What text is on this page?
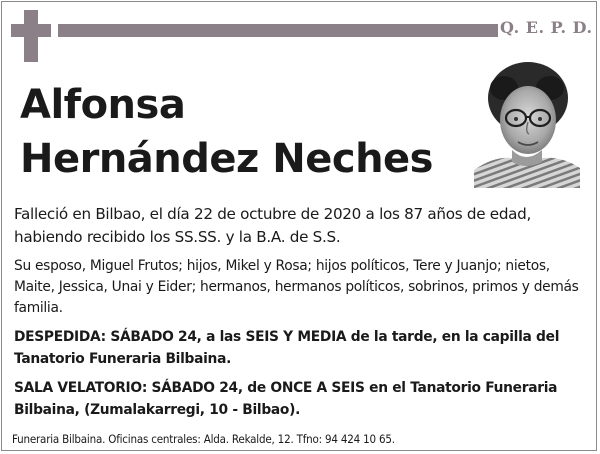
Q. E. P. D.
Alfonsa
Hernández Neches
Falleció en Bilbao, el día 22 de octubre de 2020 a los 87 años de edad, habiendo recibido los SS.SS. y la B.A. de S.S.
Su esposo, Miguel Frutos; hijos, Mikel y Rosa; hijos políticos, Tere y Juanjo; nietos, Maite, Jessica, Unai y Eider; hermanos, hermanos políticos, sobrinos, primos y demás familia.
DESPEDIDA: SÁBADO 24, a las SEIS Y MEDIA de la tarde, en la capilla del Tanatorio Funeraria Bilbaina.
SALA VELATORIO: SÁBADO 24, de ONCE A SEIS en el Tanatorio Funeraria Bilbaina, (Zumalakarregi, 10 - Bilbao).
Funeraria Bilbaina. Oficinas centrales: Alda. Rekalde, 12. Tfno: 94 424 10 65.
